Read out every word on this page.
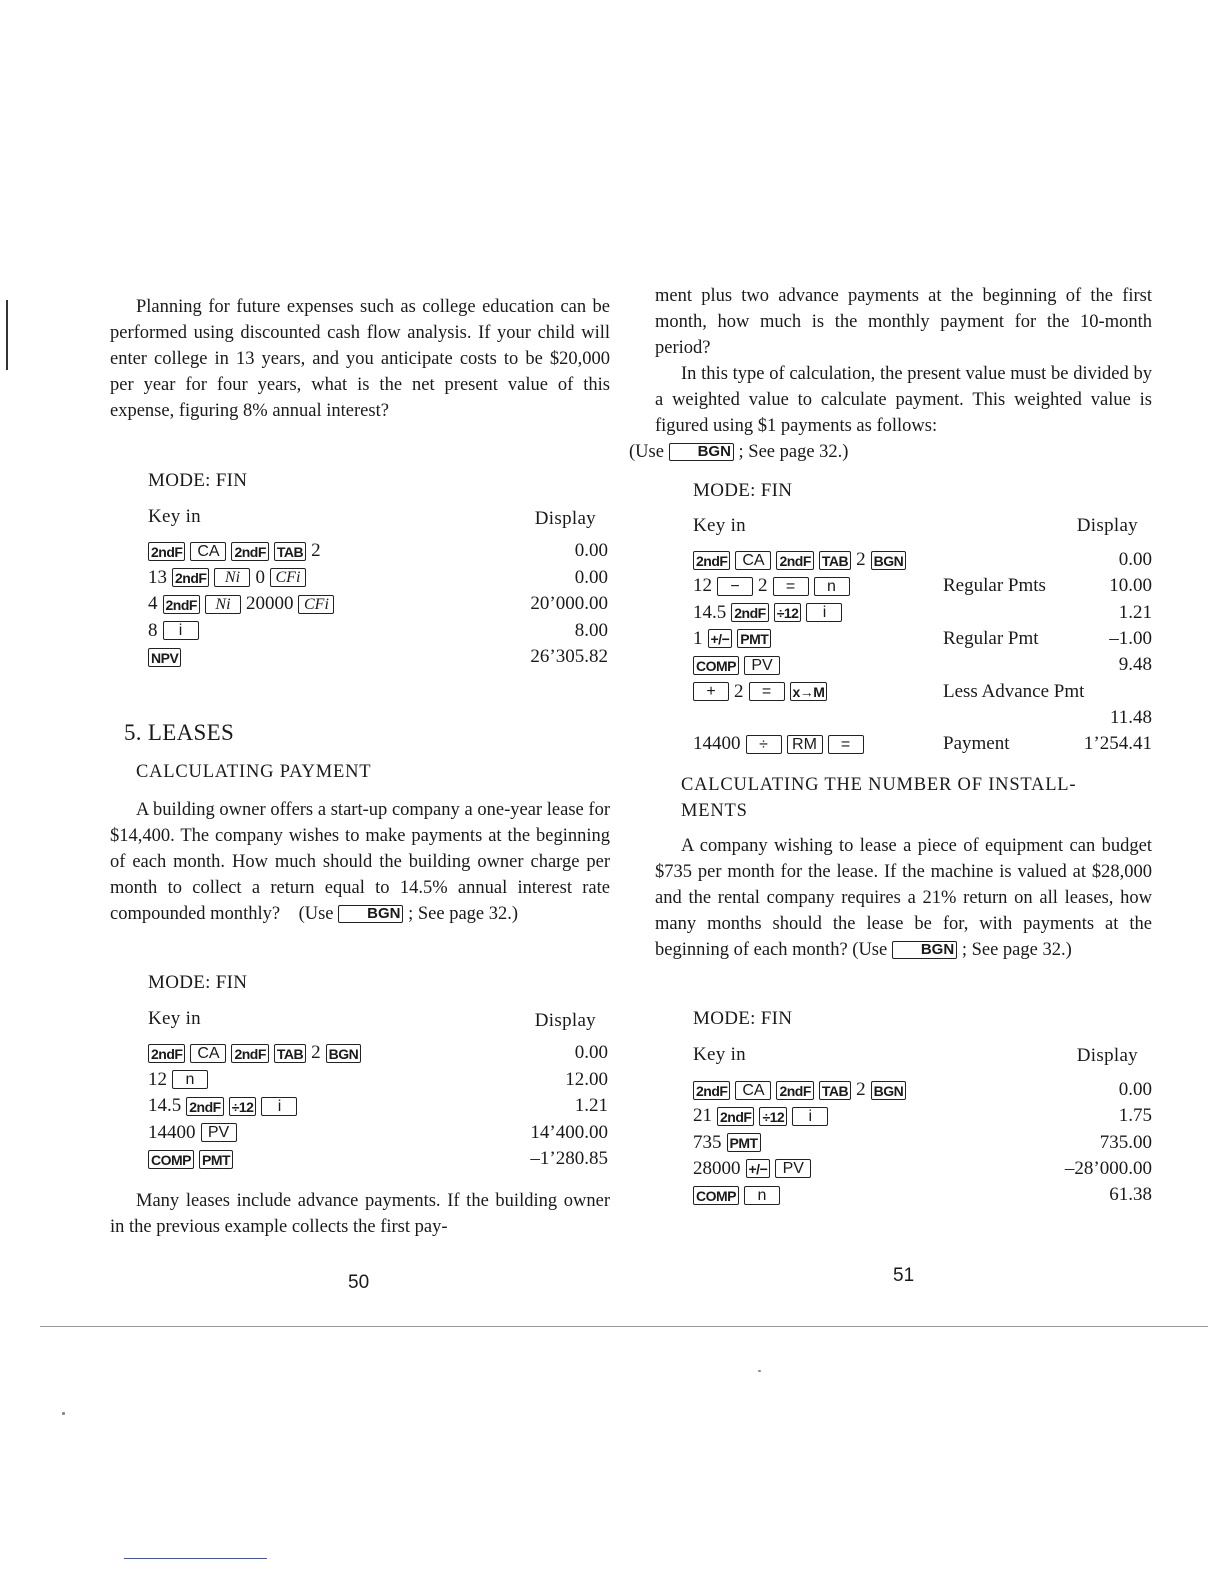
Planning for future expenses such as college education can be performed using discounted cash flow analysis. If your child will enter college in 13 years, and you anticipate costs to be $20,000 per year for four years, what is the net present value of this expense, figuring 8% annual interest?

MODE: FIN
Key in	Display
2ndF CA	2ndF TAB 2	0.00
13 2ndF	Ni 0 CFi	0.00
4 2ndF	Ni 20000 CFi	20’000.00
8	i	8.00
NPV	26’305.82
5. LEASES
CALCULATING PAYMENT

A building owner offers a start-up company a one-year lease for $14,400. The company wishes to make payments at the beginning of each month. How much should the building owner charge per month to collect a return equal to 14.5% annual interest rate compounded monthly? (Use BGN ; See page 32.)

MODE: FIN
Key in	Display
2ndF CA	2ndF TAB 2 BGN	0.00
12	n	12.00
14.5 2ndF ÷12	i	1.21
14400 PV	14’400.00
COMP PMT	–1’280.85

Many leases include advance payments. If the building owner in the previous example collects the first pay-

50

ment plus two advance payments at the beginning of the first month, how much is the monthly payment for the 10-month period?

In this type of calculation, the present value must be divided by a weighted value to calculate payment. This weighted value is figured using $1 payments as follows:
(Use BGN ; See page 32.)

MODE: FIN
Key in	Display
2ndF CA	2ndF TAB 2 BGN	0.00
12	− 2	=	n	Regular Pmts	10.00
14.5 2ndF ÷12	i	1.21
1 +/− PMT	Regular Pmt	–1.00
COMP PV	9.48
+ 2	=	x→M	Less Advance Pmt
11.48
14400	÷	RM	=	Payment	1’254.41
CALCULATING THE NUMBER OF INSTALL-
MENTS

A company wishing to lease a piece of equipment can budget $735 per month for the lease. If the machine is valued at $28,000 and the rental company requires a 21% return on all leases, how many months should the lease be for, with payments at the beginning of each month? (Use BGN ; See page 32.)

MODE: FIN
Key in	Display
2ndF CA	2ndF TAB 2 BGN	0.00
21 2ndF ÷12	i	1.75
735 PMT	735.00
28000 +/− PV	–28’000.00
COMP	n	61.38
51
